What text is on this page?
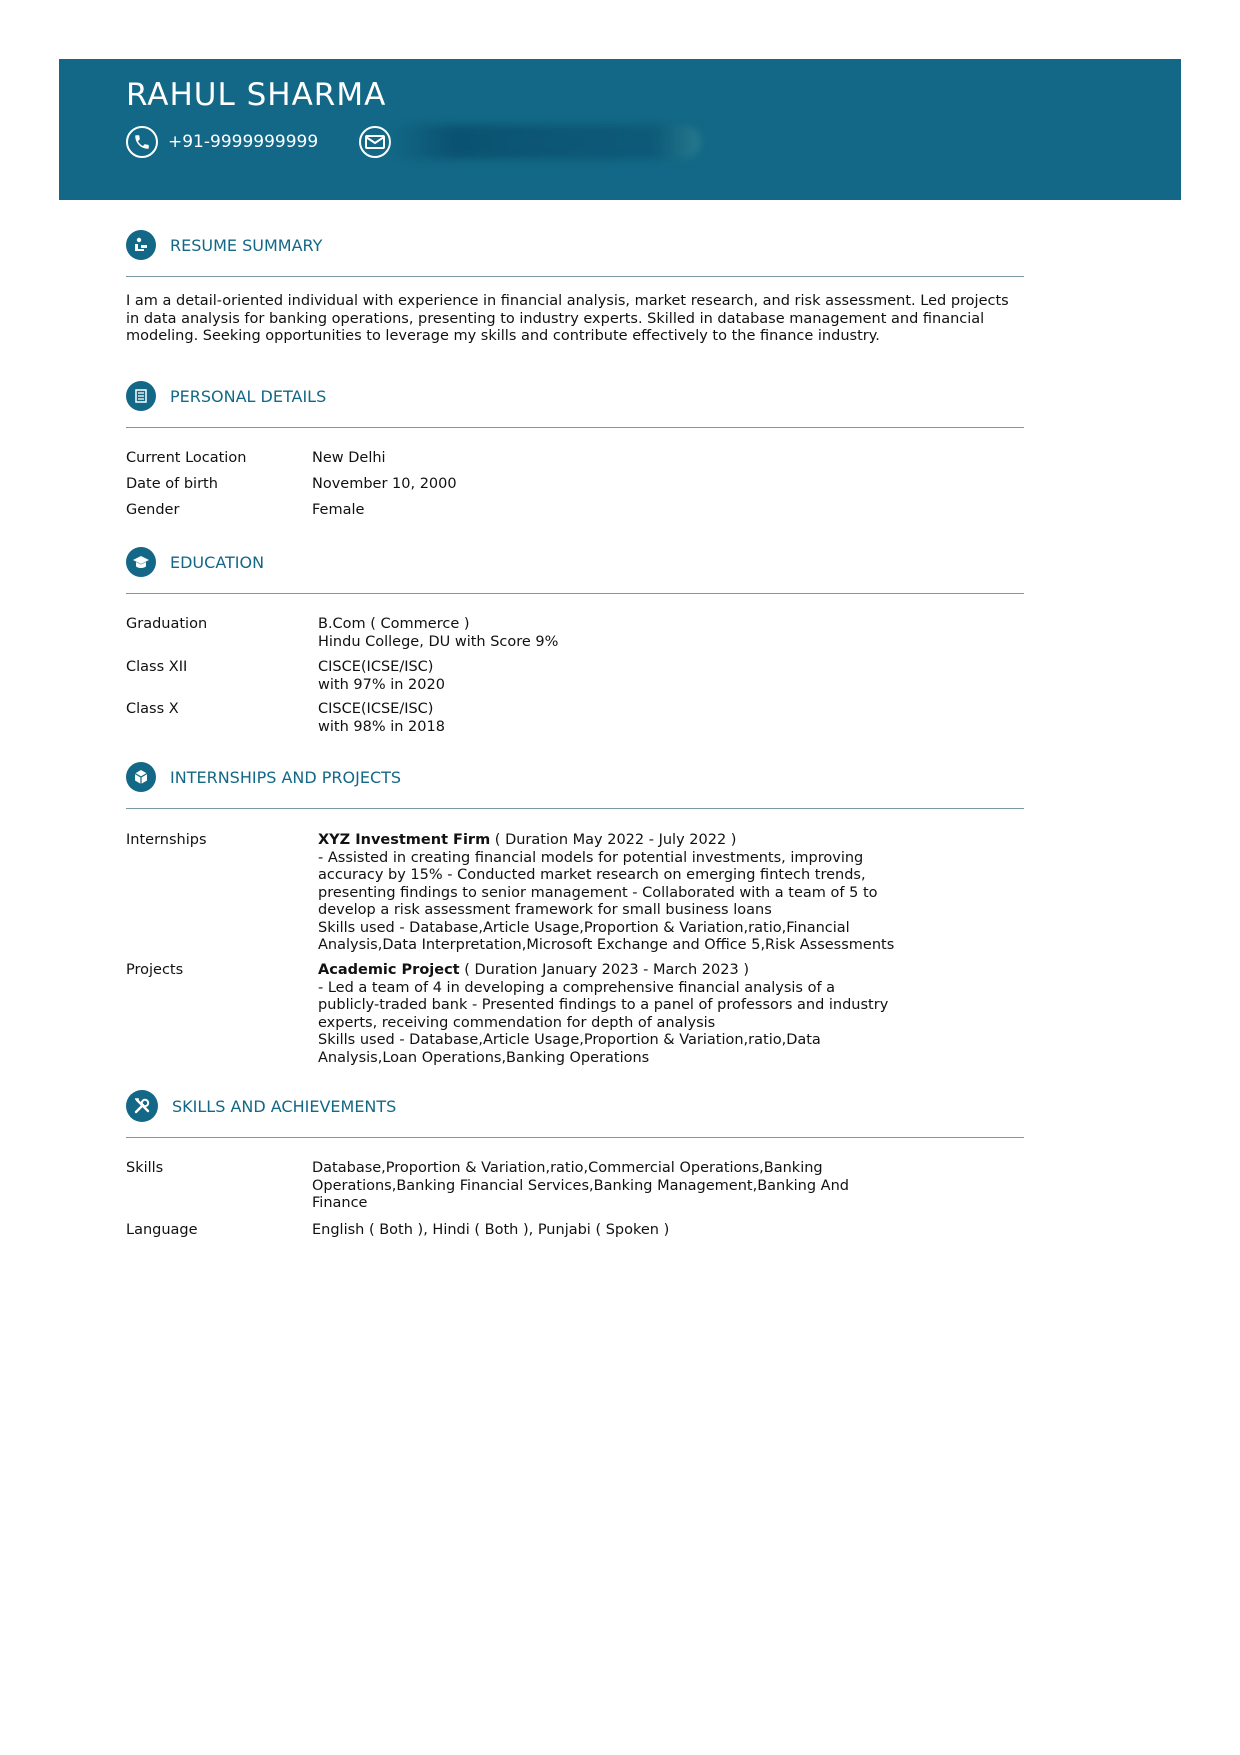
RAHUL SHARMA
+91-9999999999
RESUME SUMMARY

I am a detail-oriented individual with experience in financial analysis, market research, and risk assessment. Led projects in data analysis for banking operations, presenting to industry experts. Skilled in database management and financial modeling. Seeking opportunities to leverage my skills and contribute effectively to the finance industry.

PERSONAL DETAILS
Current Location	New Delhi
Date of birth	November 10, 2000
Gender	Female
EDUCATION
Graduation	B.Com ( Commerce )
Hindu College, DU with Score 9%
Class XII	CISCE(ICSE/ISC)
with 97% in 2020
Class X	CISCE(ICSE/ISC)
with 98% in 2018
INTERNSHIPS AND PROJECTS
Internships	XYZ Investment Firm ( Duration May 2022 - July 2022 )
- Assisted in creating financial models for potential investments, improving
accuracy by 15% - Conducted market research on emerging fintech trends,
presenting findings to senior management - Collaborated with a team of 5 to
develop a risk assessment framework for small business loans
Skills used - Database,Article Usage,Proportion & Variation,ratio,Financial
Analysis,Data Interpretation,Microsoft Exchange and Office 5,Risk Assessments
Projects	Academic Project ( Duration January 2023 - March 2023 )
- Led a team of 4 in developing a comprehensive financial analysis of a
publicly-traded bank - Presented findings to a panel of professors and industry
experts, receiving commendation for depth of analysis
Skills used - Database,Article Usage,Proportion & Variation,ratio,Data
Analysis,Loan Operations,Banking Operations
SKILLS AND ACHIEVEMENTS
Skills	Database,Proportion & Variation,ratio,Commercial Operations,Banking
Operations,Banking Financial Services,Banking Management,Banking And
Finance
Language	English ( Both ), Hindi ( Both ), Punjabi ( Spoken )
